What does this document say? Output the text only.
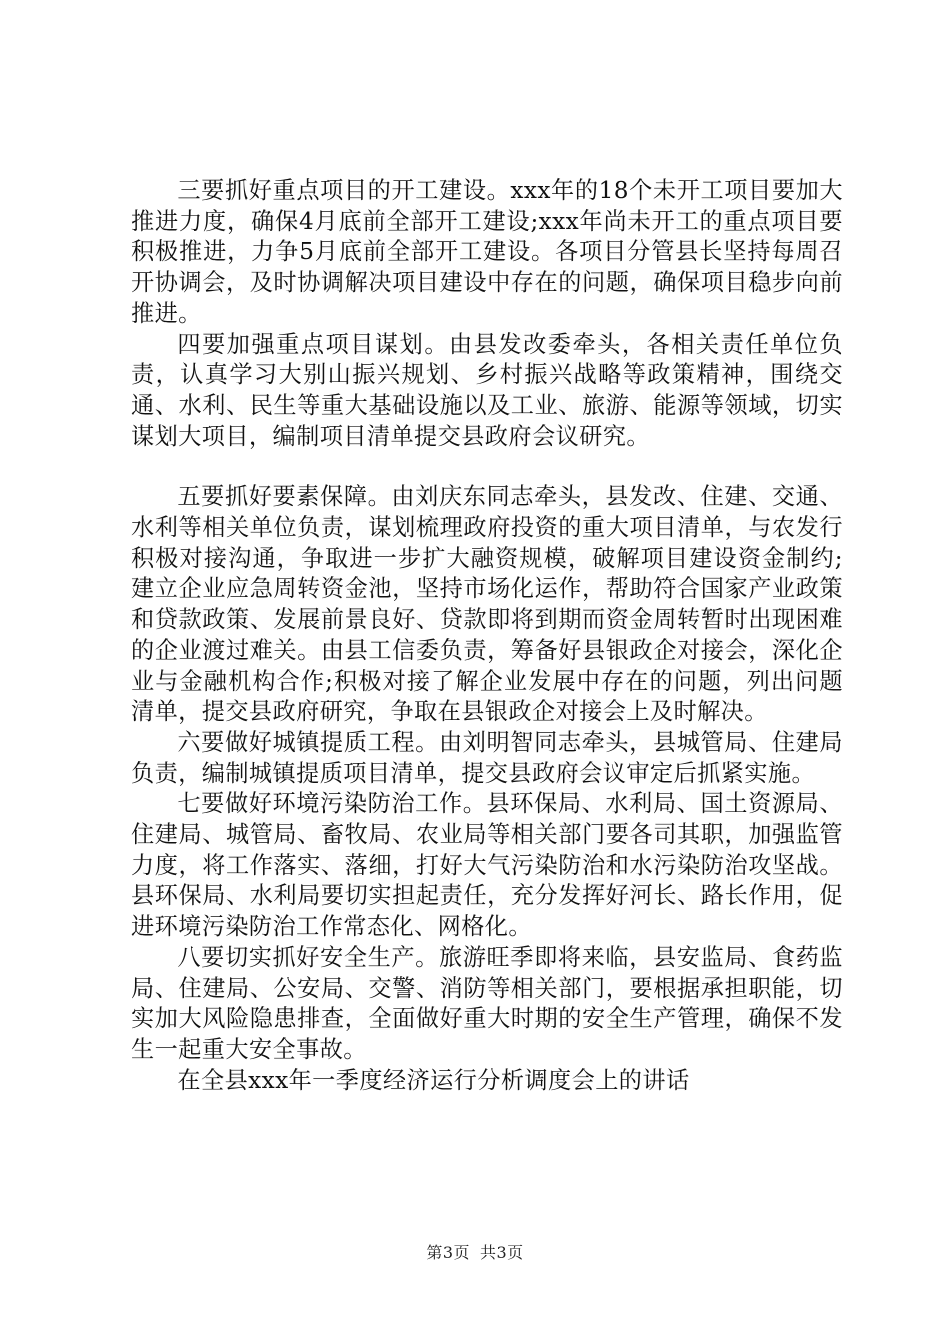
三要抓好重点项目的开工建设。xxx年的18个未开工项目要加大推进力度，确保4月底前全部开工建设;xxx年尚未开工的重点项目要积极推进，力争5月底前全部开工建设。各项目分管县长坚持每周召开协调会，及时协调解决项目建设中存在的问题，确保项目稳步向前推进。

四要加强重点项目谋划。由县发改委牵头，各相关责任单位负责，认真学习大别山振兴规划、乡村振兴战略等政策精神，围绕交通、水利、民生等重大基础设施以及工业、旅游、能源等领域，切实谋划大项目，编制项目清单提交县政府会议研究。

五要抓好要素保障。由刘庆东同志牵头，县发改、住建、交通、水利等相关单位负责，谋划梳理政府投资的重大项目清单，与农发行积极对接沟通，争取进一步扩大融资规模，破解项目建设资金制约;建立企业应急周转资金池，坚持市场化运作，帮助符合国家产业政策和贷款政策、发展前景良好、贷款即将到期而资金周转暂时出现困难的企业渡过难关。由县工信委负责，筹备好县银政企对接会，深化企业与金融机构合作;积极对接了解企业发展中存在的问题，列出问题清单，提交县政府研究，争取在县银政企对接会上及时解决。

六要做好城镇提质工程。由刘明智同志牵头，县城管局、住建局负责，编制城镇提质项目清单，提交县政府会议审定后抓紧实施。

七要做好环境污染防治工作。县环保局、水利局、国土资源局、住建局、城管局、畜牧局、农业局等相关部门要各司其职，加强监管力度，将工作落实、落细，打好大气污染防治和水污染防治攻坚战。县环保局、水利局要切实担起责任，充分发挥好河长、路长作用，促进环境污染防治工作常态化、网格化。

八要切实抓好安全生产。旅游旺季即将来临，县安监局、食药监局、住建局、公安局、交警、消防等相关部门，要根据承担职能，切实加大风险隐患排查，全面做好重大时期的安全生产管理，确保不发生一起重大安全事故。

在全县xxx年一季度经济运行分析调度会上的讲话

第3页 共3页
